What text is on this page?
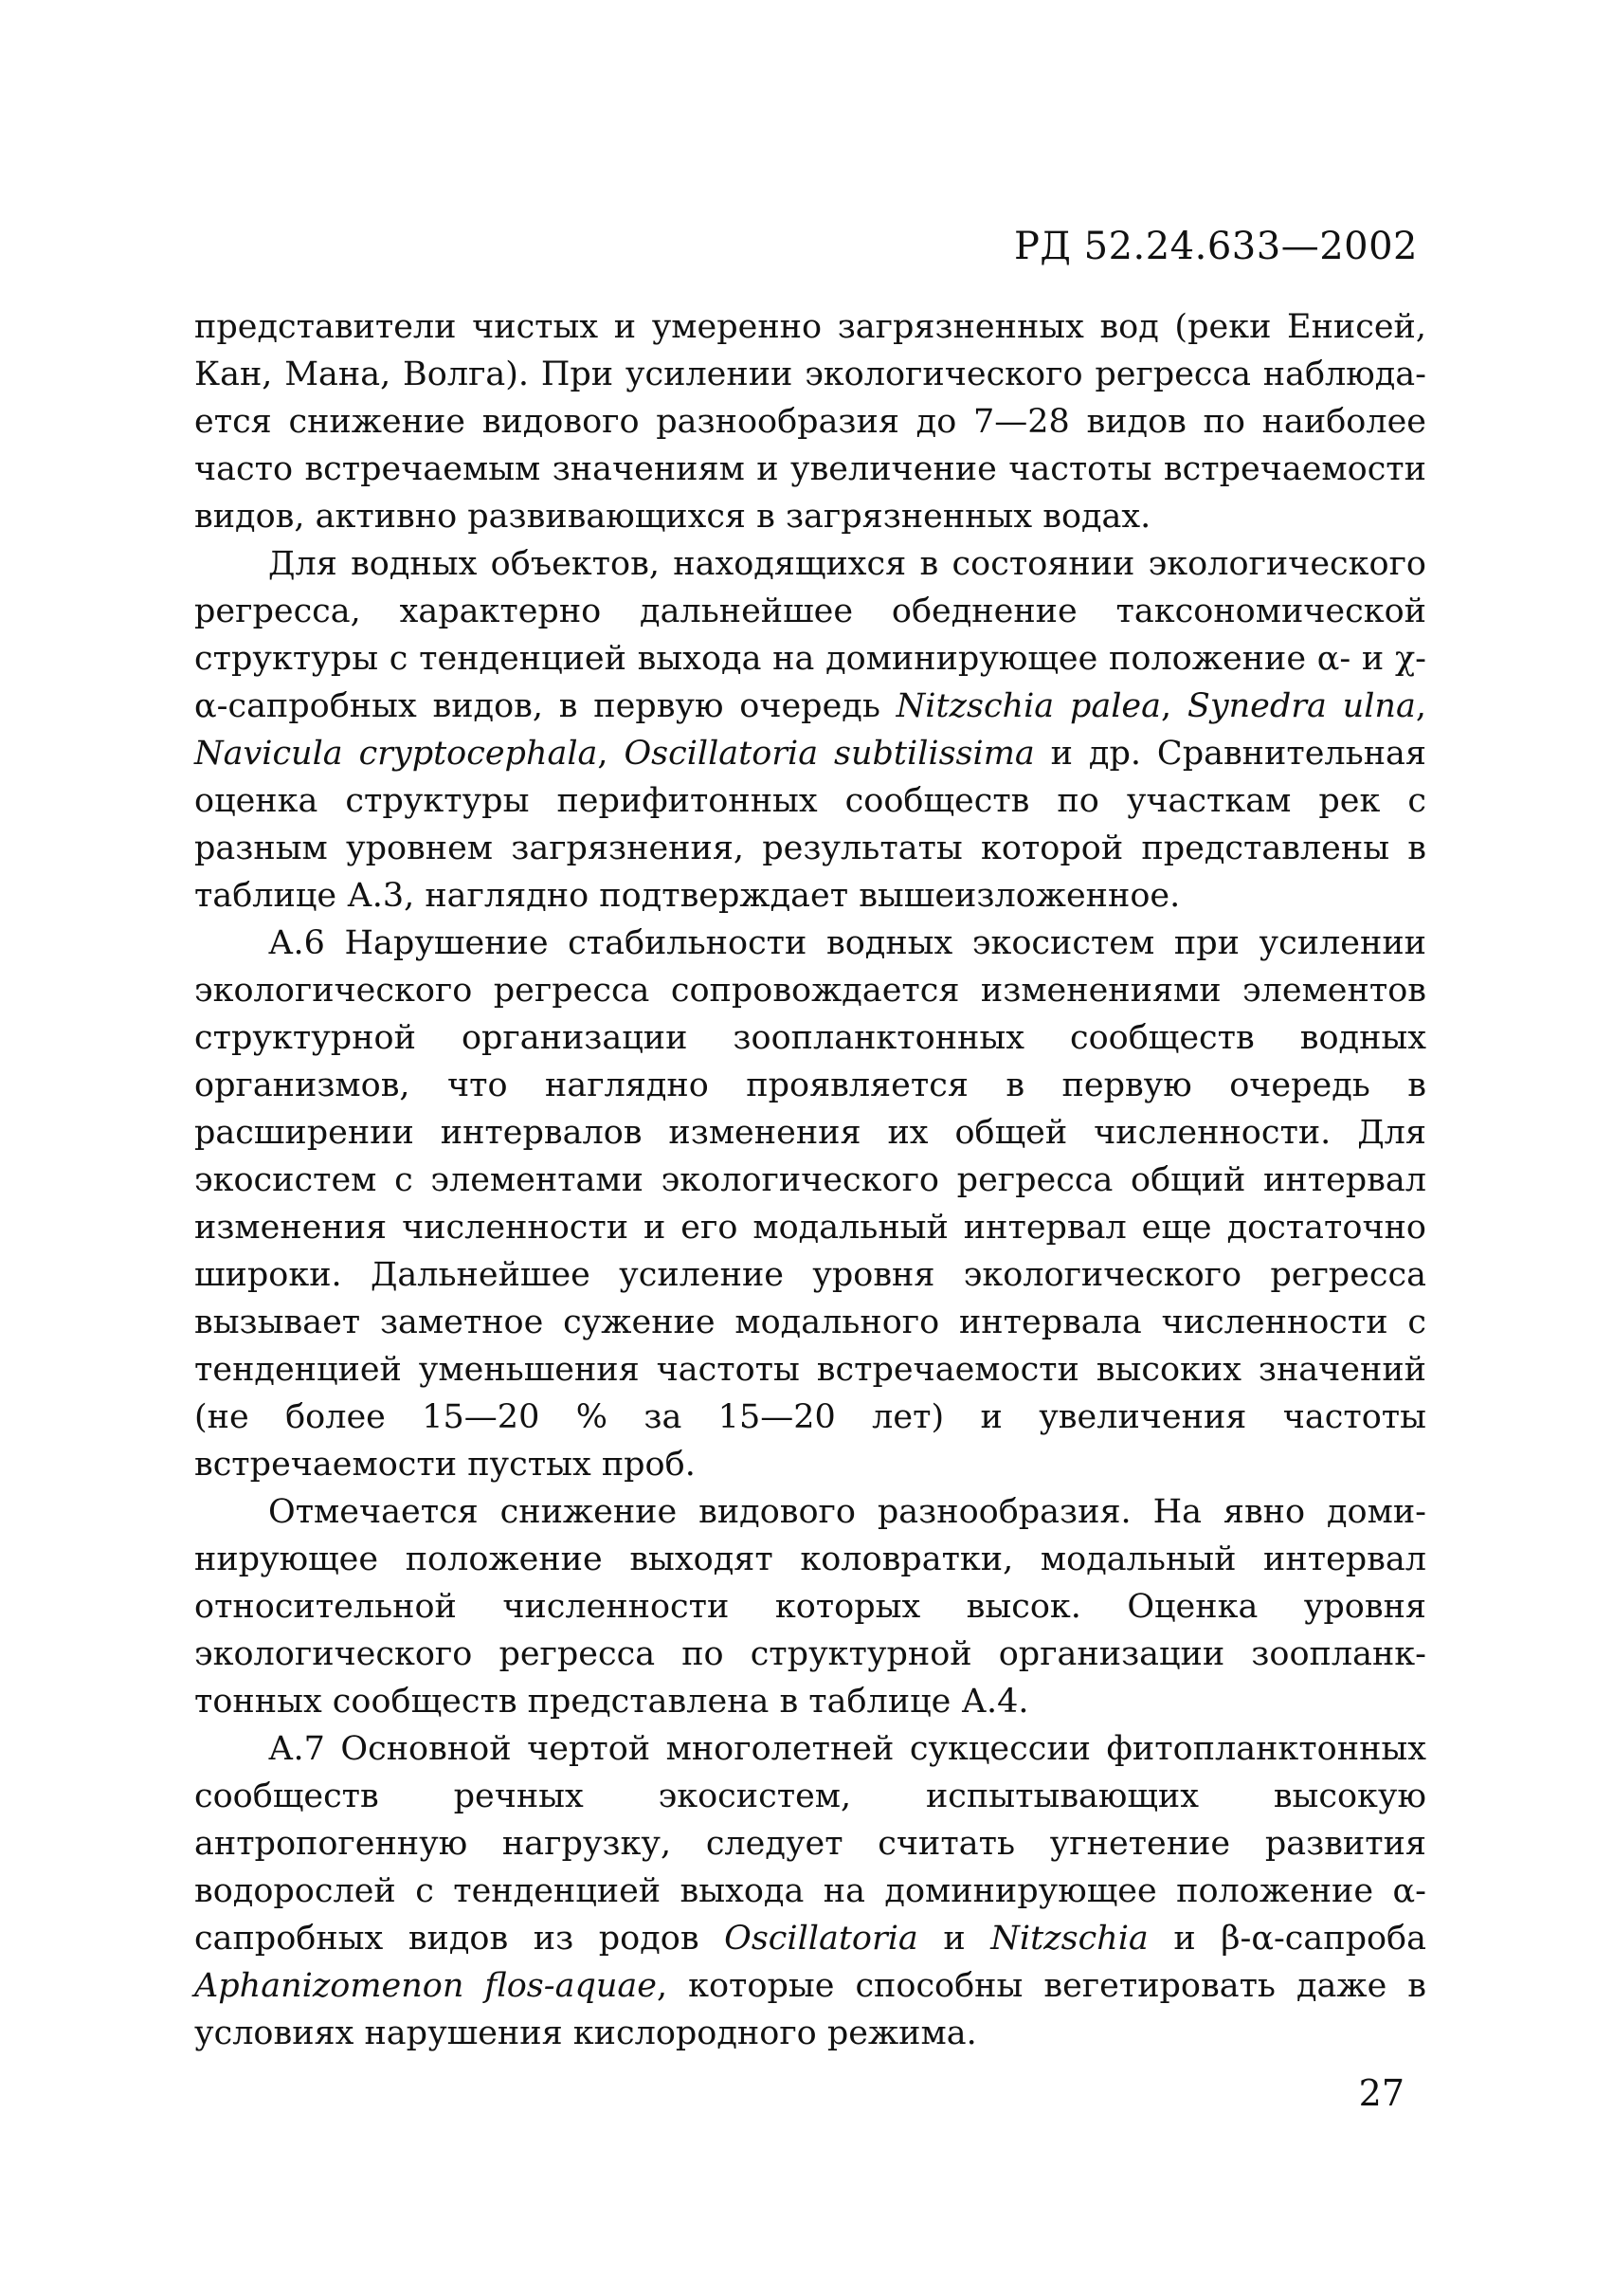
РД 52.24.633—2002

представители чистых и умеренно загрязненных вод (реки Енисей, Кан, Мана, Волга). При усилении экологического регресса наблюдается снижение видового разнообразия до 7—28 видов по наиболее часто встречаемым значениям и увеличение частоты встречаемости видов, активно развивающихся в загрязненных водах.

Для водных объектов, находящихся в состоянии экологического регресса, характерно дальнейшее обеднение таксономической структуры с тенденцией выхода на доминирующее положение α- и χ-α-сапробных видов, в первую очередь Nitzschia palea, Synedra ulna, Navicula cryptocephala, Oscillatoria subtilissima и др. Сравнительная оценка структуры перифитонных сообществ по участкам рек с разным уровнем загрязнения, результаты которой представлены в таблице А.3, наглядно подтверждает вышеизложенное.

А.6 Нарушение стабильности водных экосистем при усилении экологического регресса сопровождается изменениями элементов структурной организации зоопланктонных сообществ водных организмов, что наглядно проявляется в первую очередь в расширении интервалов изменения их общей численности. Для экосистем с элементами экологического регресса общий интервал изменения численности и его модальный интервал еще достаточно широки. Дальнейшее усиление уровня экологического регресса вызывает заметное сужение модального интервала численности с тенденцией уменьшения частоты встречаемости высоких значений (не более 15—20 % за 15—20 лет) и увеличения частоты встречаемости пустых проб.

Отмечается снижение видового разнообразия. На явно доминирующее положение выходят коловратки, модальный интервал относительной численности которых высок. Оценка уровня экологического регресса по структурной организации зоопланктонных сообществ представлена в таблице А.4.

А.7 Основной чертой многолетней сукцессии фитопланктонных сообществ речных экосистем, испытывающих высокую антропогенную нагрузку, следует считать угнетение развития водорослей с тенденцией выхода на доминирующее положение α-сапробных видов из родов Oscillatoria и Nitzschia и β-α-сапроба Aphanizomenon flos-aquae, которые способны вегетировать даже в условиях нарушения кислородного режима.

27
